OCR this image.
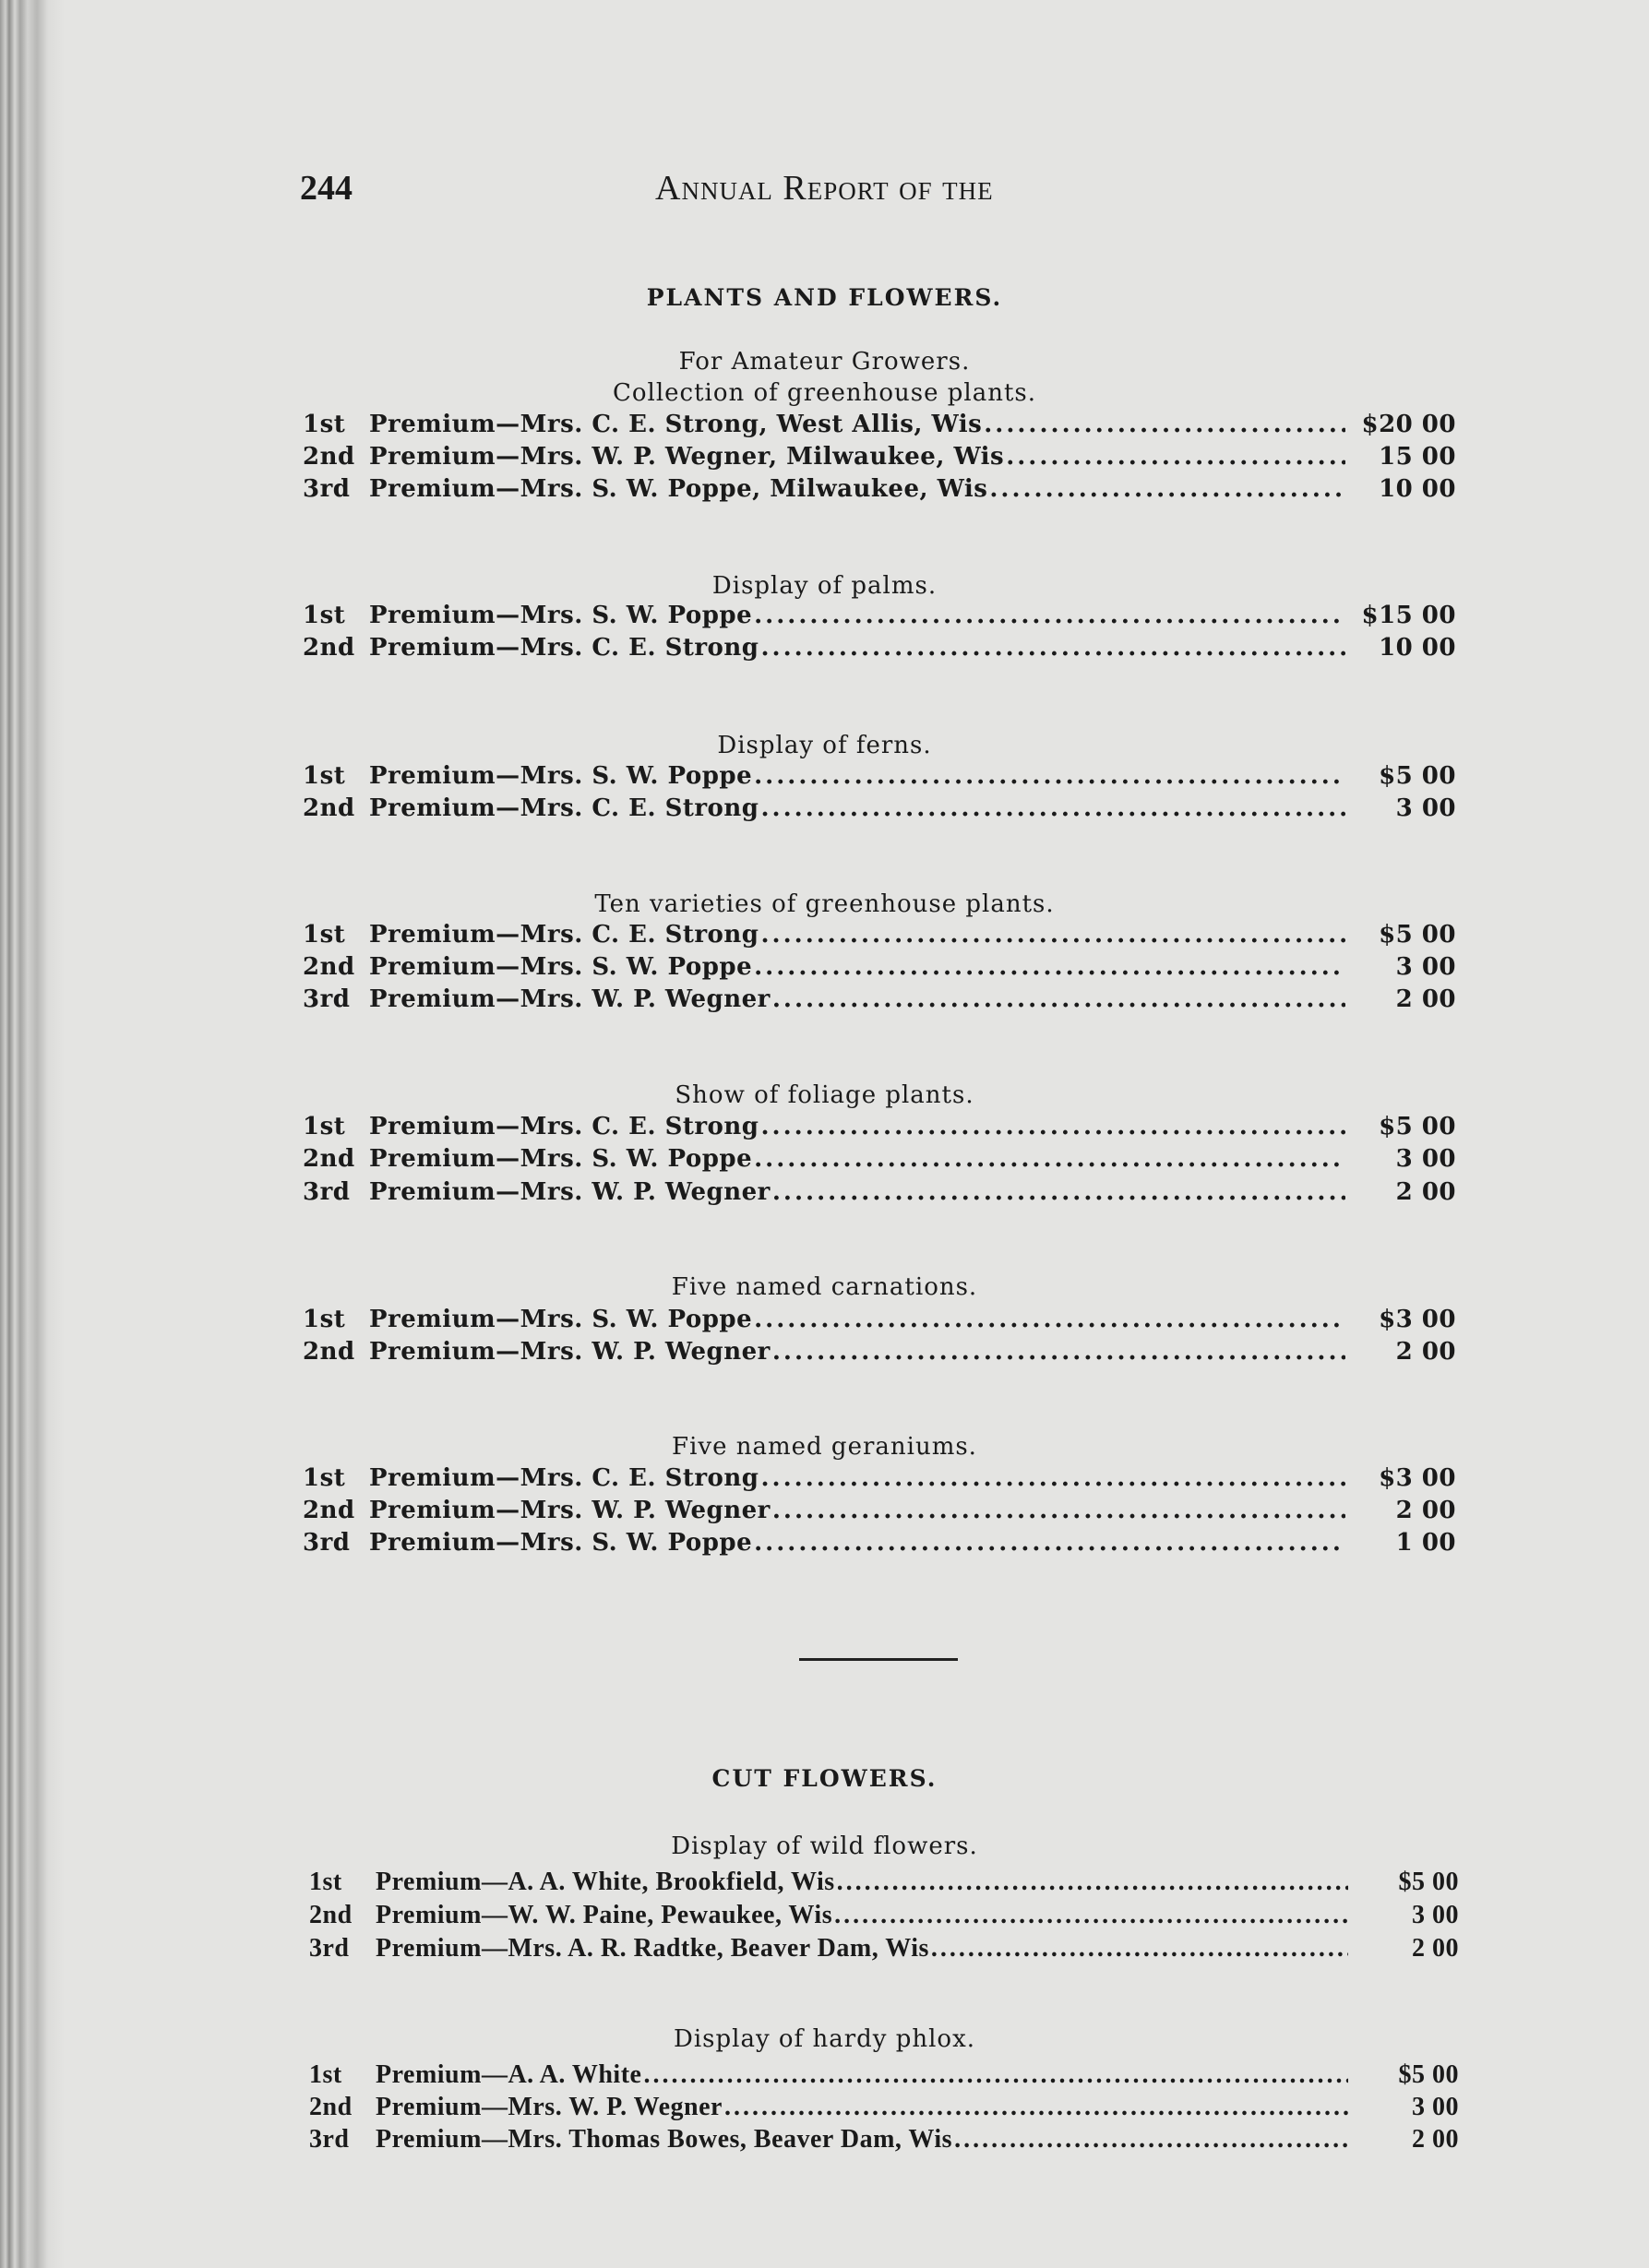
244	Annual Report of the
PLANTS AND FLOWERS.
For Amateur Growers.
Collection of greenhouse plants.
1st Premium—Mrs. C. E. Strong, West Allis, Wis .....	$20 00
2nd Premium—Mrs. W. P. Wegner, Milwaukee, Wis .....	15 00
3rd Premium—Mrs. S. W. Poppe, Milwaukee, Wis .....	10 00
Display of palms.
1st Premium—Mrs. S. W. Poppe .....	$15 00
2nd Premium—Mrs. C. E. Strong .....	10 00
Display of ferns.
1st Premium—Mrs. S. W. Poppe .....	$5 00
2nd Premium—Mrs. C. E. Strong .....	3 00
Ten varieties of greenhouse plants.
1st Premium—Mrs. C. E. Strong .....	$5 00
2nd Premium—Mrs. S. W. Poppe .....	3 00
3rd Premium—Mrs. W. P. Wegner .....	2 00
Show of foliage plants.
1st Premium—Mrs. C. E. Strong .....	$5 00
2nd Premium—Mrs. S. W. Poppe .....	3 00
3rd Premium—Mrs. W. P. Wegner .....	2 00
Five named carnations.
1st Premium—Mrs. S. W. Poppe .....	$3 00
2nd Premium—Mrs. W. P. Wegner .....	2 00
Five named geraniums.
1st Premium—Mrs. C. E. Strong .....	$3 00
2nd Premium—Mrs. W. P. Wegner .....	2 00
3rd Premium—Mrs. S. W. Poppe .....	1 00
CUT FLOWERS.
Display of wild flowers.
1st	Premium—A. A. White, Brookfield, Wis .....	$5 00
2nd Premium—W. W. Paine, Pewaukee, Wis .....	3 00
3rd	Premium—Mrs. A. R. Radtke, Beaver Dam, Wis .....	2 00
Display of hardy phlox.
1st	Premium—A. A. White .....	$5 00
2nd Premium—Mrs. W. P. Wegner .....	3 00
3rd	Premium—Mrs. Thomas Bowes, Beaver Dam, Wis .....	2 00
